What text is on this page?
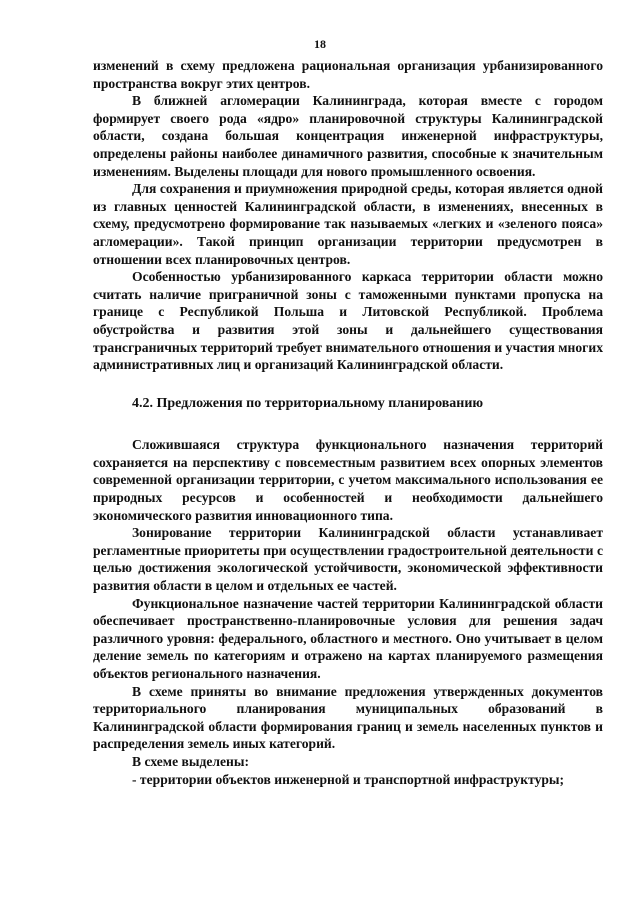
18

изменений в схему предложена рациональная организация урбанизированного пространства вокруг этих центров.

В ближней агломерации Калининграда, которая вместе с городом формирует своего рода «ядро» планировочной структуры Калининградской области, создана большая концентрация инженерной инфраструктуры, определены районы наиболее динамичного развития, способные к значительным изменениям. Выделены площади для нового промышленного освоения.

Для сохранения и приумножения природной среды, которая является одной из главных ценностей Калининградской области, в изменениях, внесенных в схему, предусмотрено формирование так называемых «легких и «зеленого пояса» агломерации». Такой принцип организации территории предусмотрен в отношении всех планировочных центров.

Особенностью урбанизированного каркаса территории области можно считать наличие приграничной зоны с таможенными пунктами пропуска на границе с Республикой Польша и Литовской Республикой. Проблема обустройства и развития этой зоны и дальнейшего существования трансграничных территорий требует внимательного отношения и участия многих административных лиц и организаций Калининградской области.

4.2. Предложения по территориальному планированию

Сложившаяся структура функционального назначения территорий сохраняется на перспективу с повсеместным развитием всех опорных элементов современной организации территории, с учетом максимального использования ее природных ресурсов и особенностей и необходимости дальнейшего экономического развития инновационного типа.

Зонирование территории Калининградской области устанавливает регламентные приоритеты при осуществлении градостроительной деятельности с целью достижения экологической устойчивости, экономической эффективности развития области в целом и отдельных ее частей.

Функциональное назначение частей территории Калининградской области обеспечивает пространственно-планировочные условия для решения задач различного уровня: федерального, областного и местного. Оно учитывает в целом деление земель по категориям и отражено на картах планируемого размещения объектов регионального назначения.

В схеме приняты во внимание предложения утвержденных документов территориального планирования муниципальных образований в Калининградской области формирования границ и земель населенных пунктов и распределения земель иных категорий.

В схеме выделены:

- территории объектов инженерной и транспортной инфраструктуры;
